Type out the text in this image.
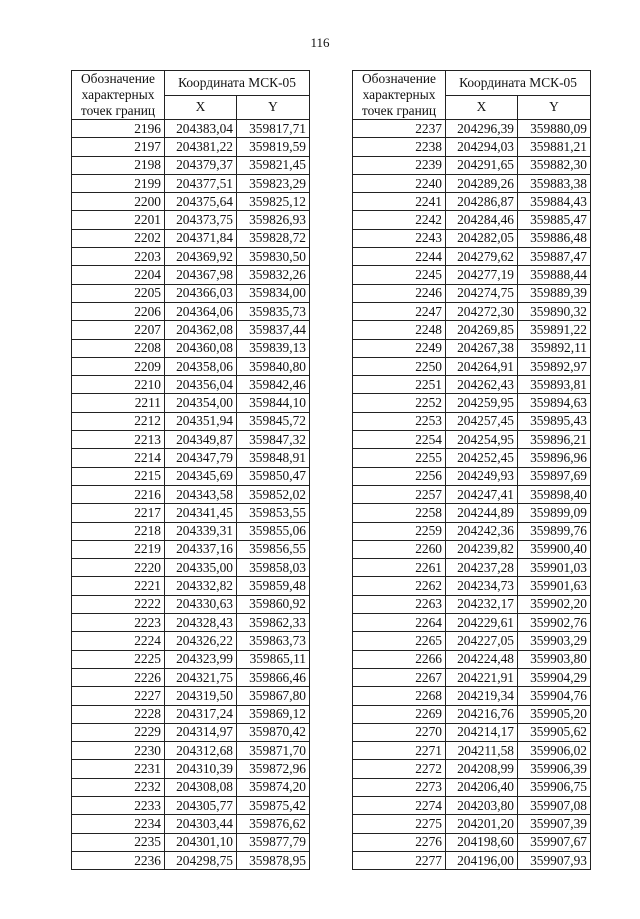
116
Обозначение характерных точек границ	Координата МСК-05	
	X	Y
2196	204383,04	359817,71
2197	204381,22	359819,59
2198	204379,37	359821,45
2199	204377,51	359823,29
2200	204375,64	359825,12
2201	204373,75	359826,93
2202	204371,84	359828,72
2203	204369,92	359830,50
2204	204367,98	359832,26
2205	204366,03	359834,00
2206	204364,06	359835,73
2207	204362,08	359837,44
2208	204360,08	359839,13
2209	204358,06	359840,80
2210	204356,04	359842,46
2211	204354,00	359844,10
2212	204351,94	359845,72
2213	204349,87	359847,32
2214	204347,79	359848,91
2215	204345,69	359850,47
2216	204343,58	359852,02
2217	204341,45	359853,55
2218	204339,31	359855,06
2219	204337,16	359856,55
2220	204335,00	359858,03
2221	204332,82	359859,48
2222	204330,63	359860,92
2223	204328,43	359862,33
2224	204326,22	359863,73
2225	204323,99	359865,11
2226	204321,75	359866,46
2227	204319,50	359867,80
2228	204317,24	359869,12
2229	204314,97	359870,42
2230	204312,68	359871,70
2231	204310,39	359872,96
2232	204308,08	359874,20
2233	204305,77	359875,42
2234	204303,44	359876,62
2235	204301,10	359877,79
2236	204298,75	359878,95
Обозначение характерных точек границ	Координата МСК-05	
	X	Y
2237	204296,39	359880,09
2238	204294,03	359881,21
2239	204291,65	359882,30
2240	204289,26	359883,38
2241	204286,87	359884,43
2242	204284,46	359885,47
2243	204282,05	359886,48
2244	204279,62	359887,47
2245	204277,19	359888,44
2246	204274,75	359889,39
2247	204272,30	359890,32
2248	204269,85	359891,22
2249	204267,38	359892,11
2250	204264,91	359892,97
2251	204262,43	359893,81
2252	204259,95	359894,63
2253	204257,45	359895,43
2254	204254,95	359896,21
2255	204252,45	359896,96
2256	204249,93	359897,69
2257	204247,41	359898,40
2258	204244,89	359899,09
2259	204242,36	359899,76
2260	204239,82	359900,40
2261	204237,28	359901,03
2262	204234,73	359901,63
2263	204232,17	359902,20
2264	204229,61	359902,76
2265	204227,05	359903,29
2266	204224,48	359903,80
2267	204221,91	359904,29
2268	204219,34	359904,76
2269	204216,76	359905,20
2270	204214,17	359905,62
2271	204211,58	359906,02
2272	204208,99	359906,39
2273	204206,40	359906,75
2274	204203,80	359907,08
2275	204201,20	359907,39
2276	204198,60	359907,67
2277	204196,00	359907,93
